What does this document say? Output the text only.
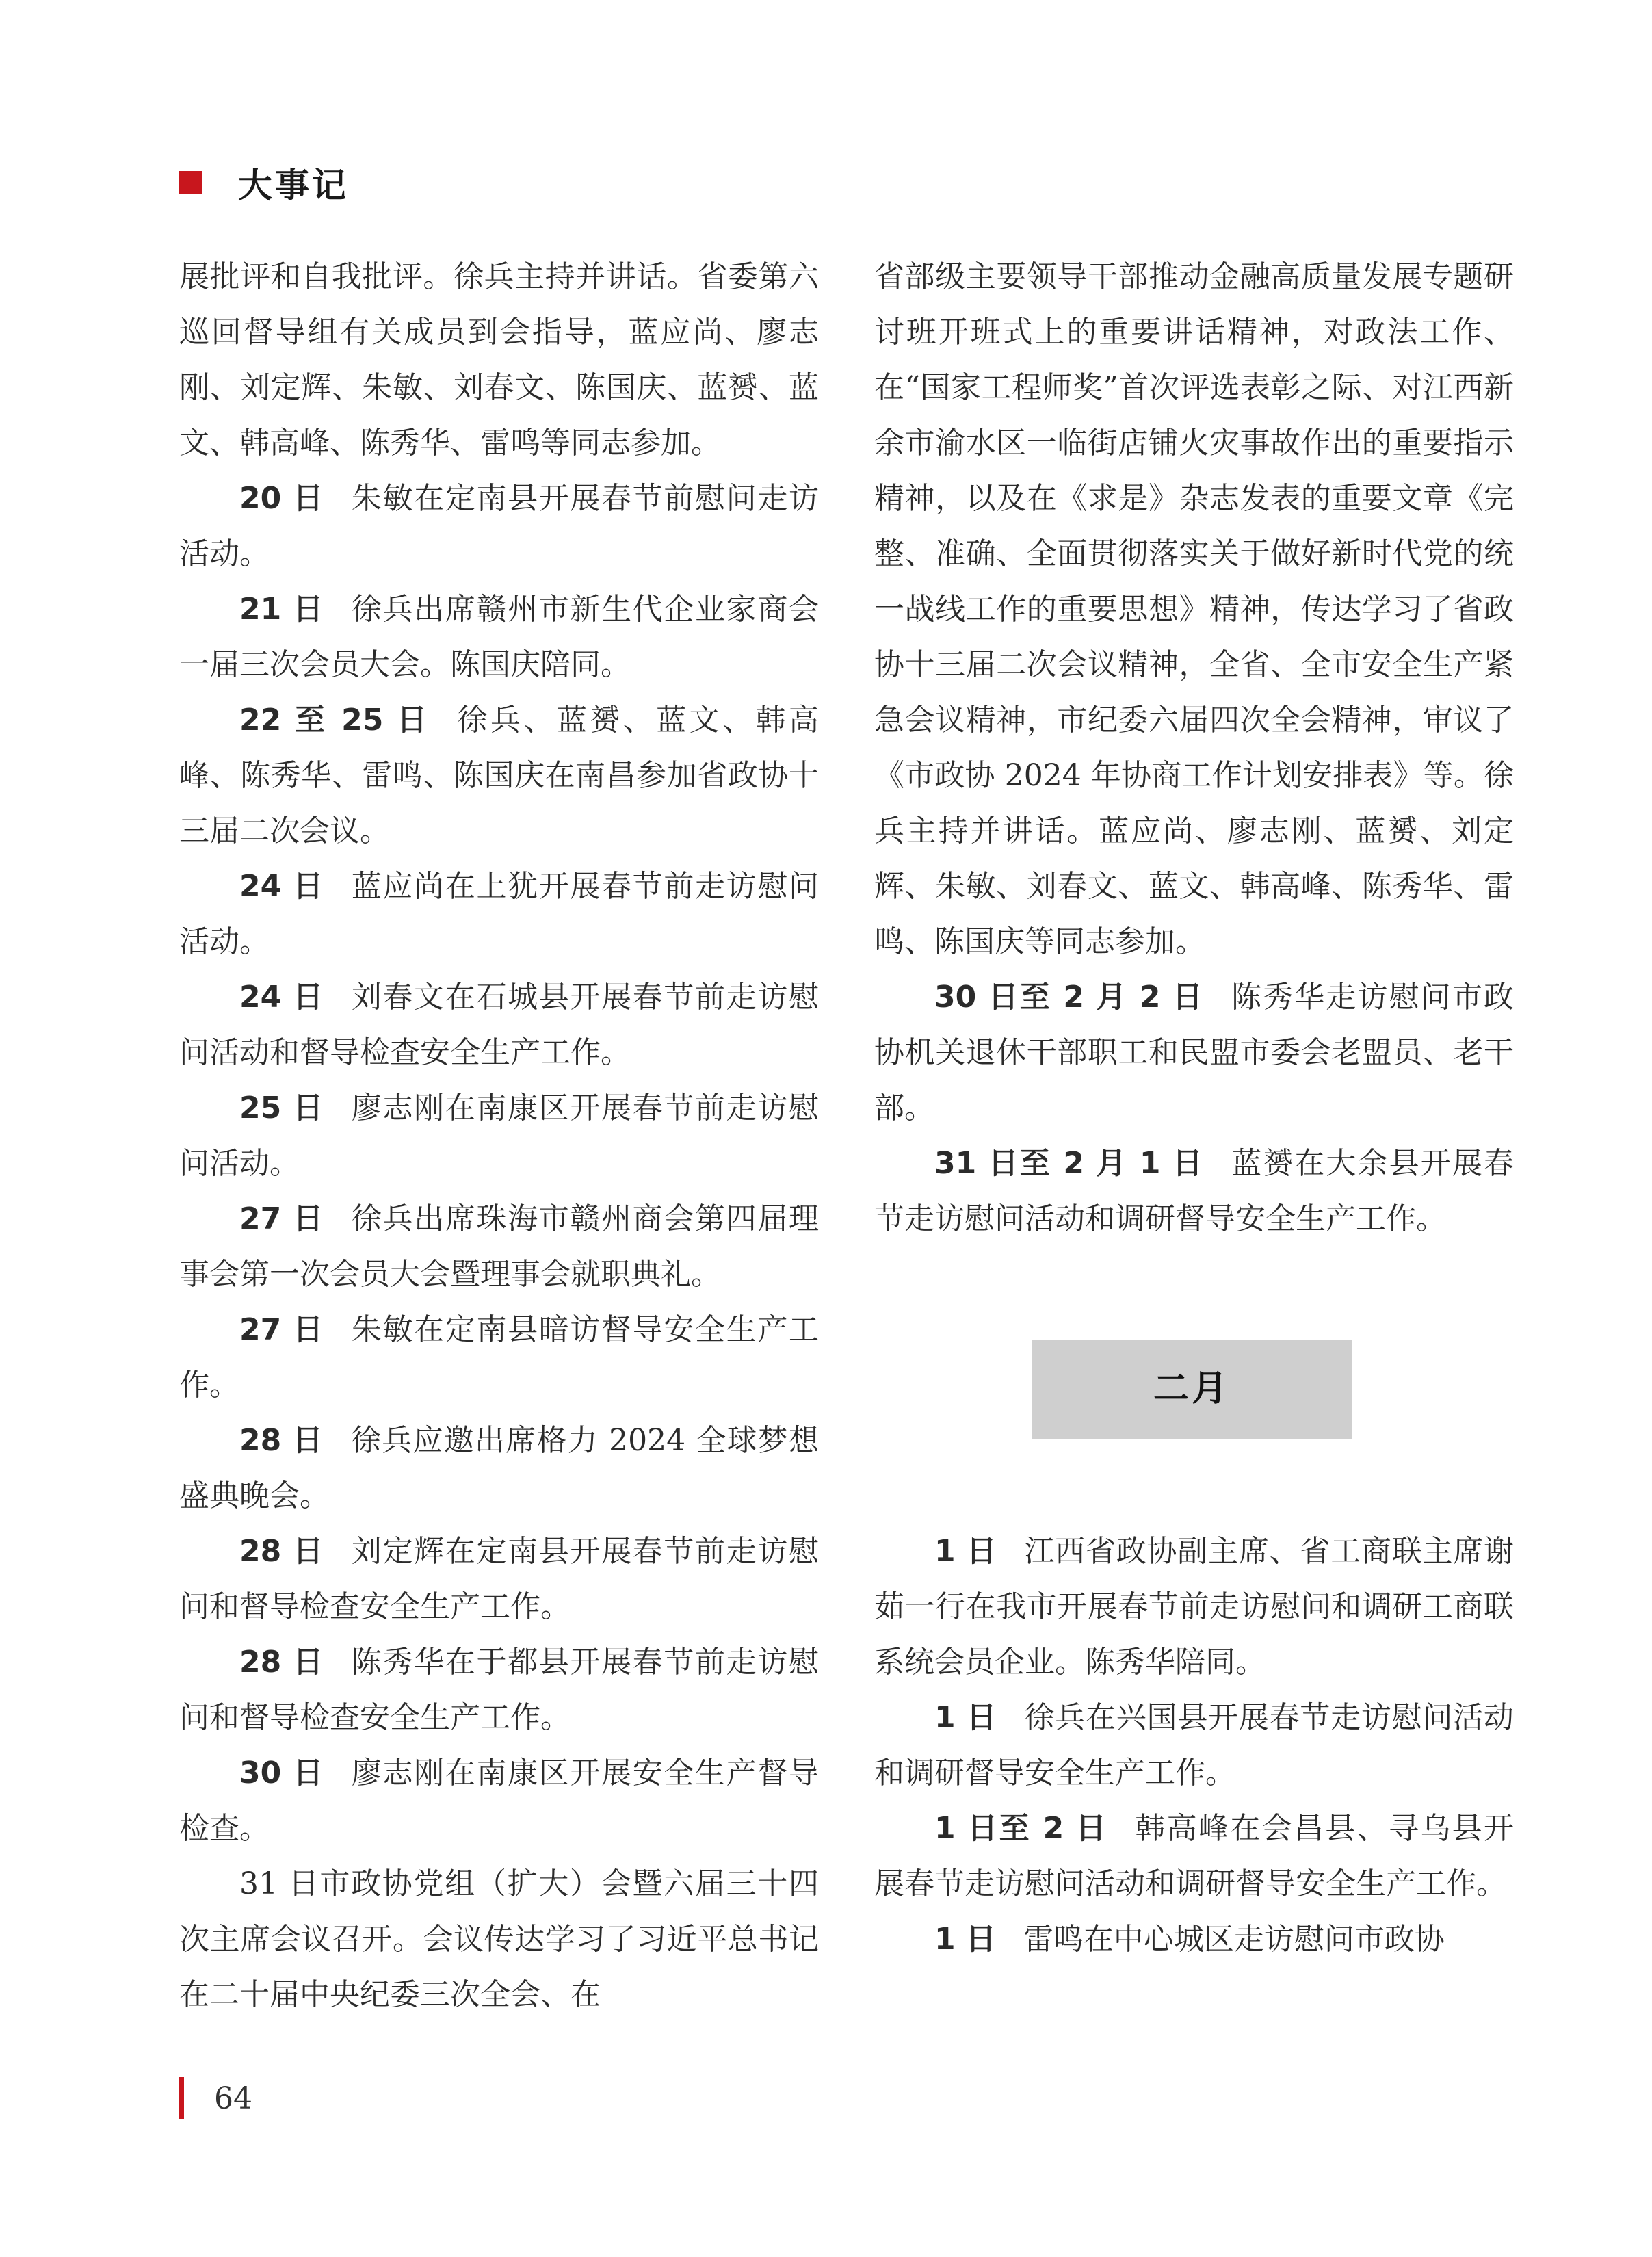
大事记

展批评和自我批评。徐兵主持并讲话。省委第六巡回督导组有关成员到会指导，蓝应尚、廖志刚、刘定辉、朱敏、刘春文、陈国庆、蓝赟、蓝文、韩高峰、陈秀华、雷鸣等同志参加。

20 日 朱敏在定南县开展春节前慰问走访活动。

21 日 徐兵出席赣州市新生代企业家商会一届三次会员大会。陈国庆陪同。

22 至 25 日 徐兵、蓝赟、蓝文、韩高峰、陈秀华、雷鸣、陈国庆在南昌参加省政协十三届二次会议。

24 日 蓝应尚在上犹开展春节前走访慰问活动。

24 日 刘春文在石城县开展春节前走访慰问活动和督导检查安全生产工作。

25 日 廖志刚在南康区开展春节前走访慰问活动。

27 日 徐兵出席珠海市赣州商会第四届理事会第一次会员大会暨理事会就职典礼。

27 日 朱敏在定南县暗访督导安全生产工作。

28 日 徐兵应邀出席格力 2024 全球梦想盛典晚会。

28 日 刘定辉在定南县开展春节前走访慰问和督导检查安全生产工作。

28 日 陈秀华在于都县开展春节前走访慰问和督导检查安全生产工作。

30 日 廖志刚在南康区开展安全生产督导检查。

31 日市政协党组（扩大）会暨六届三十四次主席会议召开。会议传达学习了习近平总书记在二十届中央纪委三次全会、在

省部级主要领导干部推动金融高质量发展专题研讨班开班式上的重要讲话精神，对政法工作、在“国家工程师奖”首次评选表彰之际、对江西新余市渝水区一临街店铺火灾事故作出的重要指示精神，以及在《求是》杂志发表的重要文章《完整、准确、全面贯彻落实关于做好新时代党的统一战线工作的重要思想》精神，传达学习了省政协十三届二次会议精神，全省、全市安全生产紧急会议精神，市纪委六届四次全会精神，审议了《市政协 2024 年协商工作计划安排表》等。徐兵主持并讲话。蓝应尚、廖志刚、蓝赟、刘定辉、朱敏、刘春文、蓝文、韩高峰、陈秀华、雷鸣、陈国庆等同志参加。

30 日至 2 月 2 日 陈秀华走访慰问市政协机关退休干部职工和民盟市委会老盟员、老干部。

31 日至 2 月 1 日 蓝赟在大余县开展春节走访慰问活动和调研督导安全生产工作。

二月

1 日 江西省政协副主席、省工商联主席谢茹一行在我市开展春节前走访慰问和调研工商联系统会员企业。陈秀华陪同。

1 日 徐兵在兴国县开展春节走访慰问活动和调研督导安全生产工作。

1 日至 2 日 韩高峰在会昌县、寻乌县开展春节走访慰问活动和调研督导安全生产工作。

1 日 雷鸣在中心城区走访慰问市政协

64
